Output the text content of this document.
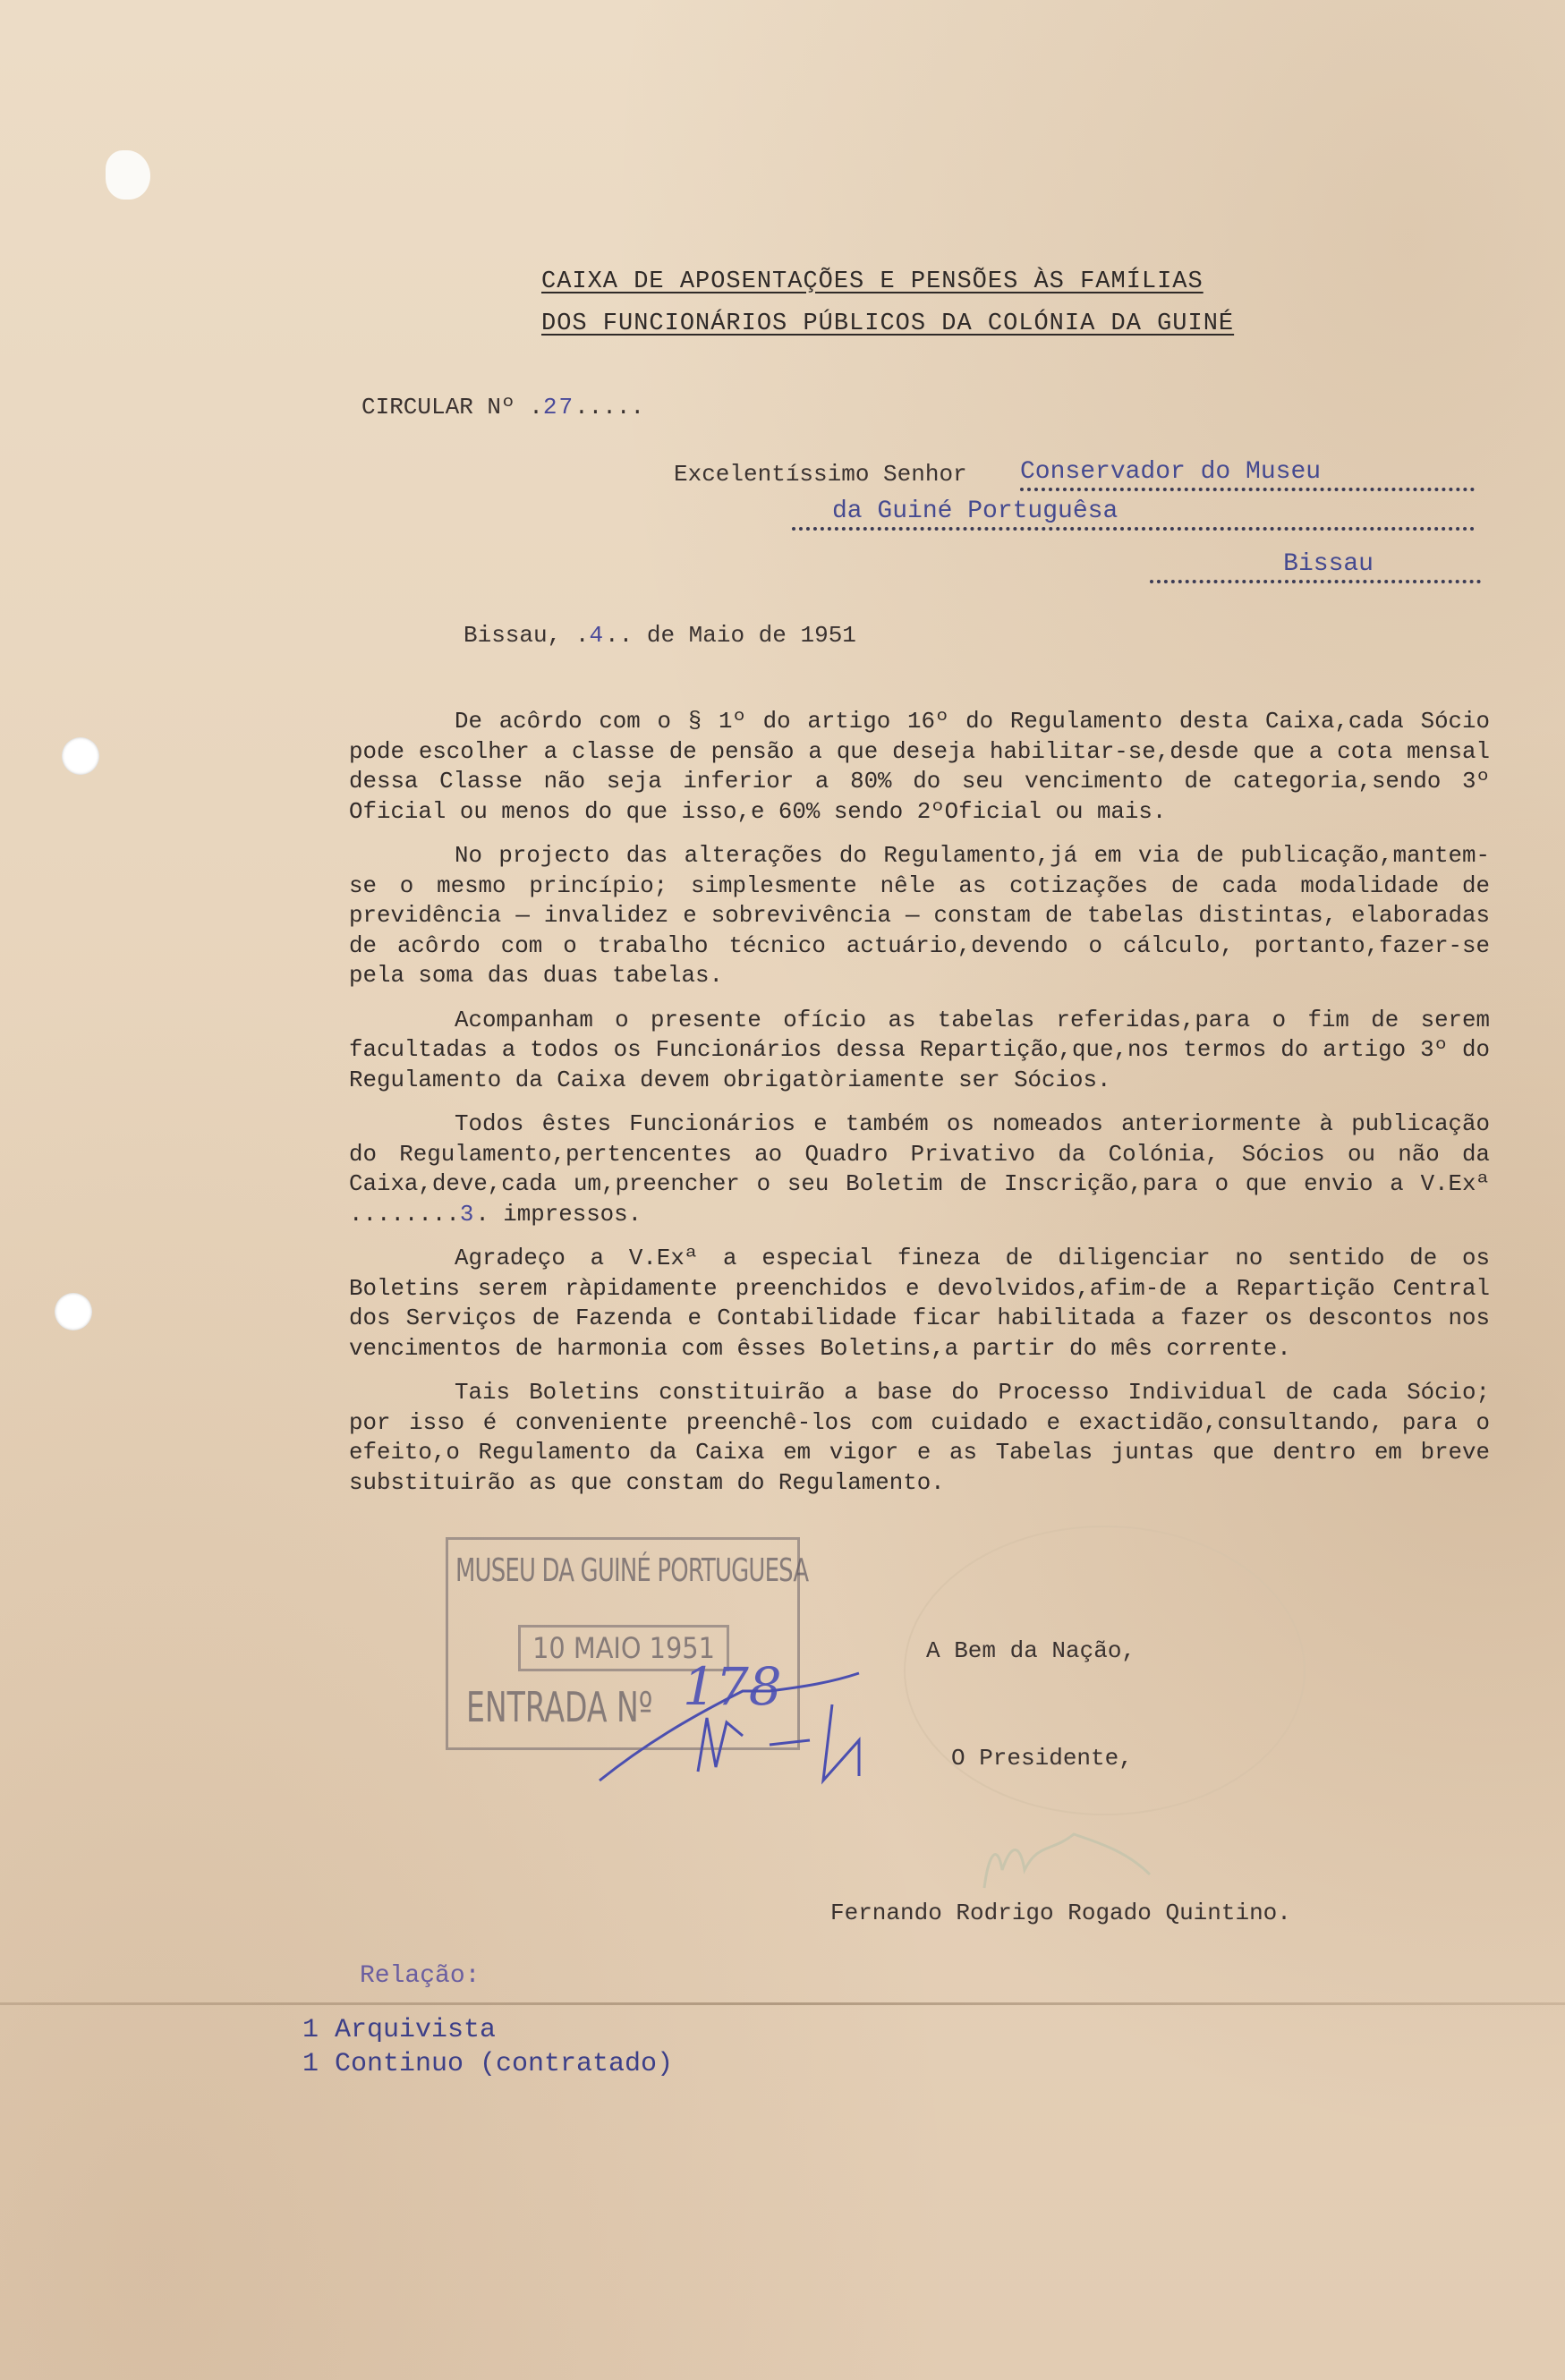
CAIXA DE APOSENTAÇÕES E PENSÕES ÀS FAMÍLIAS
DOS FUNCIONÁRIOS PÚBLICOS DA COLÓNIA DA GUINÉ
CIRCULAR Nº .27.....
Excelentíssimo Senhor Conservador do Museu
da Guiné Portuguêsa
Bissau
Bissau, .4.. de Maio de 1951

De acôrdo com o § 1º do artigo 16º do Regulamento desta Caixa,cada Sócio pode escolher a classe de pensão a que deseja habilitar-se,desde que a cota mensal dessa Classe não seja inferior a 80% do seu vencimento de categoria,sendo 3º Oficial ou menos do que isso,e 60% sendo 2ºOficial ou mais.

No projecto das alterações do Regulamento,já em via de publicação,mantem-se o mesmo princípio; simplesmente nêle as cotizações de cada modalidade de previdência — invalidez e sobrevivência — constam de tabelas distintas, elaboradas de acôrdo com o trabalho técnico actuário,devendo o cálculo, portanto,fazer-se pela soma das duas tabelas.

Acompanham o presente ofício as tabelas referidas,para o fim de serem facultadas a todos os Funcionários dessa Repartição,que,nos termos do artigo 3º do Regulamento da Caixa devem obrigatòriamente ser Sócios.

Todos êstes Funcionários e também os nomeados anteriormente à publicação do Regulamento,pertencentes ao Quadro Privativo da Colónia, Sócios ou não da Caixa,deve,cada um,preencher o seu Boletim de Inscrição,para o que envio a V.Exª ........3. impressos.

Agradeço a V.Exª a especial fineza de diligenciar no sentido de os Boletins serem ràpidamente preenchidos e devolvidos,afim-de a Repartição Central dos Serviços de Fazenda e Contabilidade ficar habilitada a fazer os descontos nos vencimentos de harmonia com êsses Boletins,a partir do mês corrente.

Tais Boletins constituirão a base do Processo Individual de cada Sócio; por isso é conveniente preenchê-los com cuidado e exactidão,consultando, para o efeito,o Regulamento da Caixa em vigor e as Tabelas juntas que dentro em breve substituirão as que constam do Regulamento.

MUSEU DA GUINÉ PORTUGUESA
10 MAIO 1951
ENTRADA Nº 178
A Bem da Nação,
O Presidente,
Fernando Rodrigo Rogado Quintino.
Relação:
1 Arquivista
1 Continuo (contratado)
